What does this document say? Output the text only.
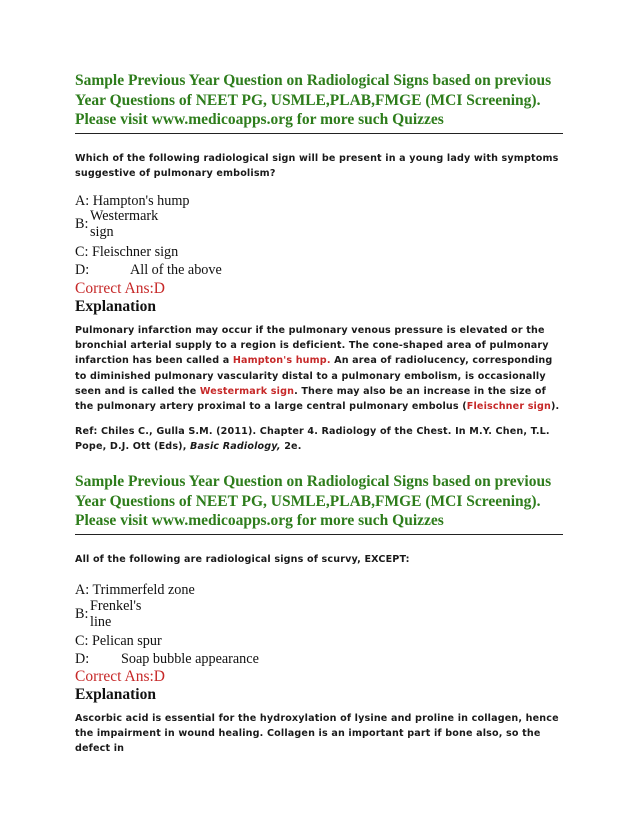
Sample Previous Year Question on Radiological Signs based on previous Year Questions of NEET PG, USMLE,PLAB,FMGE (MCI Screening). Please visit www.medicoapps.org for more such Quizzes

Which of the following radiological sign will be present in a young lady with symptoms suggestive of pulmonary embolism?

A: Hampton's hump
B: Westermark
sign
C: Fleischner sign
D:	All of the above
Correct Ans:D
Explanation

Pulmonary infarction may occur if the pulmonary venous pressure is elevated or the bronchial arterial supply to a region is deficient. The cone-shaped area of pulmonary infarction has been called a Hampton's hump. An area of radiolucency, corresponding to diminished pulmonary vascularity distal to a pulmonary embolism, is occasionally seen and is called the Westermark sign. There may also be an increase in the size of the pulmonary artery proximal to a large central pulmonary embolus (Fleischner sign).

Ref: Chiles C., Gulla S.M. (2011). Chapter 4. Radiology of the Chest. In M.Y. Chen, T.L. Pope, D.J. Ott (Eds), Basic Radiology, 2e.

Sample Previous Year Question on Radiological Signs based on previous Year Questions of NEET PG, USMLE,PLAB,FMGE (MCI Screening). Please visit www.medicoapps.org for more such Quizzes

All of the following are radiological signs of scurvy, EXCEPT:

A: Trimmerfeld zone
B: Frenkel's
line
C: Pelican spur
D: Soap bubble appearance
Correct Ans:D
Explanation

Ascorbic acid is essential for the hydroxylation of lysine and proline in collagen, hence the impairment in wound healing. Collagen is an important part if bone also, so the defect in
